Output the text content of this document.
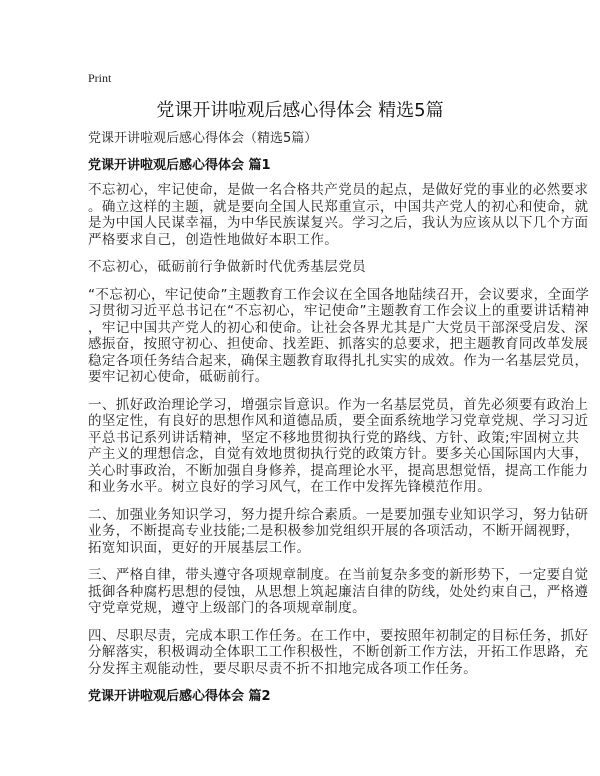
Print
党课开讲啦观后感心得体会 精选5篇
党课开讲啦观后感心得体会（精选5篇）
党课开讲啦观后感心得体会 篇1
不忘初心，牢记使命，是做一名合格共产党员的起点，是做好党的事业的必然要求
。确立这样的主题，就是要向全国人民郑重宣示，中国共产党人的初心和使命，就
是为中国人民谋幸福，为中华民族谋复兴。学习之后，我认为应该从以下几个方面
严格要求自己，创造性地做好本职工作。
不忘初心，砥砺前行争做新时代优秀基层党员
“不忘初心，牢记使命”主题教育工作会议在全国各地陆续召开，会议要求，全面学
习贯彻习近平总书记在“不忘初心，牢记使命”主题教育工作会议上的重要讲话精神
，牢记中国共产党人的初心和使命。让社会各界尤其是广大党员干部深受启发、深
感振奋，按照守初心、担使命、找差距、抓落实的总要求，把主题教育同改革发展
稳定各项任务结合起来，确保主题教育取得扎扎实实的成效。作为一名基层党员，
要牢记初心使命，砥砺前行。
一、抓好政治理论学习，增强宗旨意识。作为一名基层党员，首先必须要有政治上
的坚定性，有良好的思想作风和道德品质，要全面系统地学习党章党规、学习习近
平总书记系列讲话精神，坚定不移地贯彻执行党的路线、方针、政策;牢固树立共
产主义的理想信念，自觉有效地贯彻执行党的政策方针。要多关心国际国内大事，
关心时事政治，不断加强自身修养，提高理论水平，提高思想觉悟，提高工作能力
和业务水平。树立良好的学习风气，在工作中发挥先锋模范作用。
二、加强业务知识学习，努力提升综合素质。一是要加强专业知识学习，努力钻研
业务，不断提高专业技能;二是积极参加党组织开展的各项活动，不断开阔视野，
拓宽知识面，更好的开展基层工作。
三、严格自律，带头遵守各项规章制度。在当前复杂多变的新形势下，一定要自觉
抵御各种腐朽思想的侵蚀，从思想上筑起廉洁自律的防线，处处约束自己，严格遵
守党章党规，遵守上级部门的各项规章制度。
四、尽职尽责，完成本职工作任务。在工作中，要按照年初制定的目标任务，抓好
分解落实，积极调动全体职工工作积极性，不断创新工作方法，开拓工作思路，充
分发挥主观能动性，要尽职尽责不折不扣地完成各项工作任务。
党课开讲啦观后感心得体会 篇2
